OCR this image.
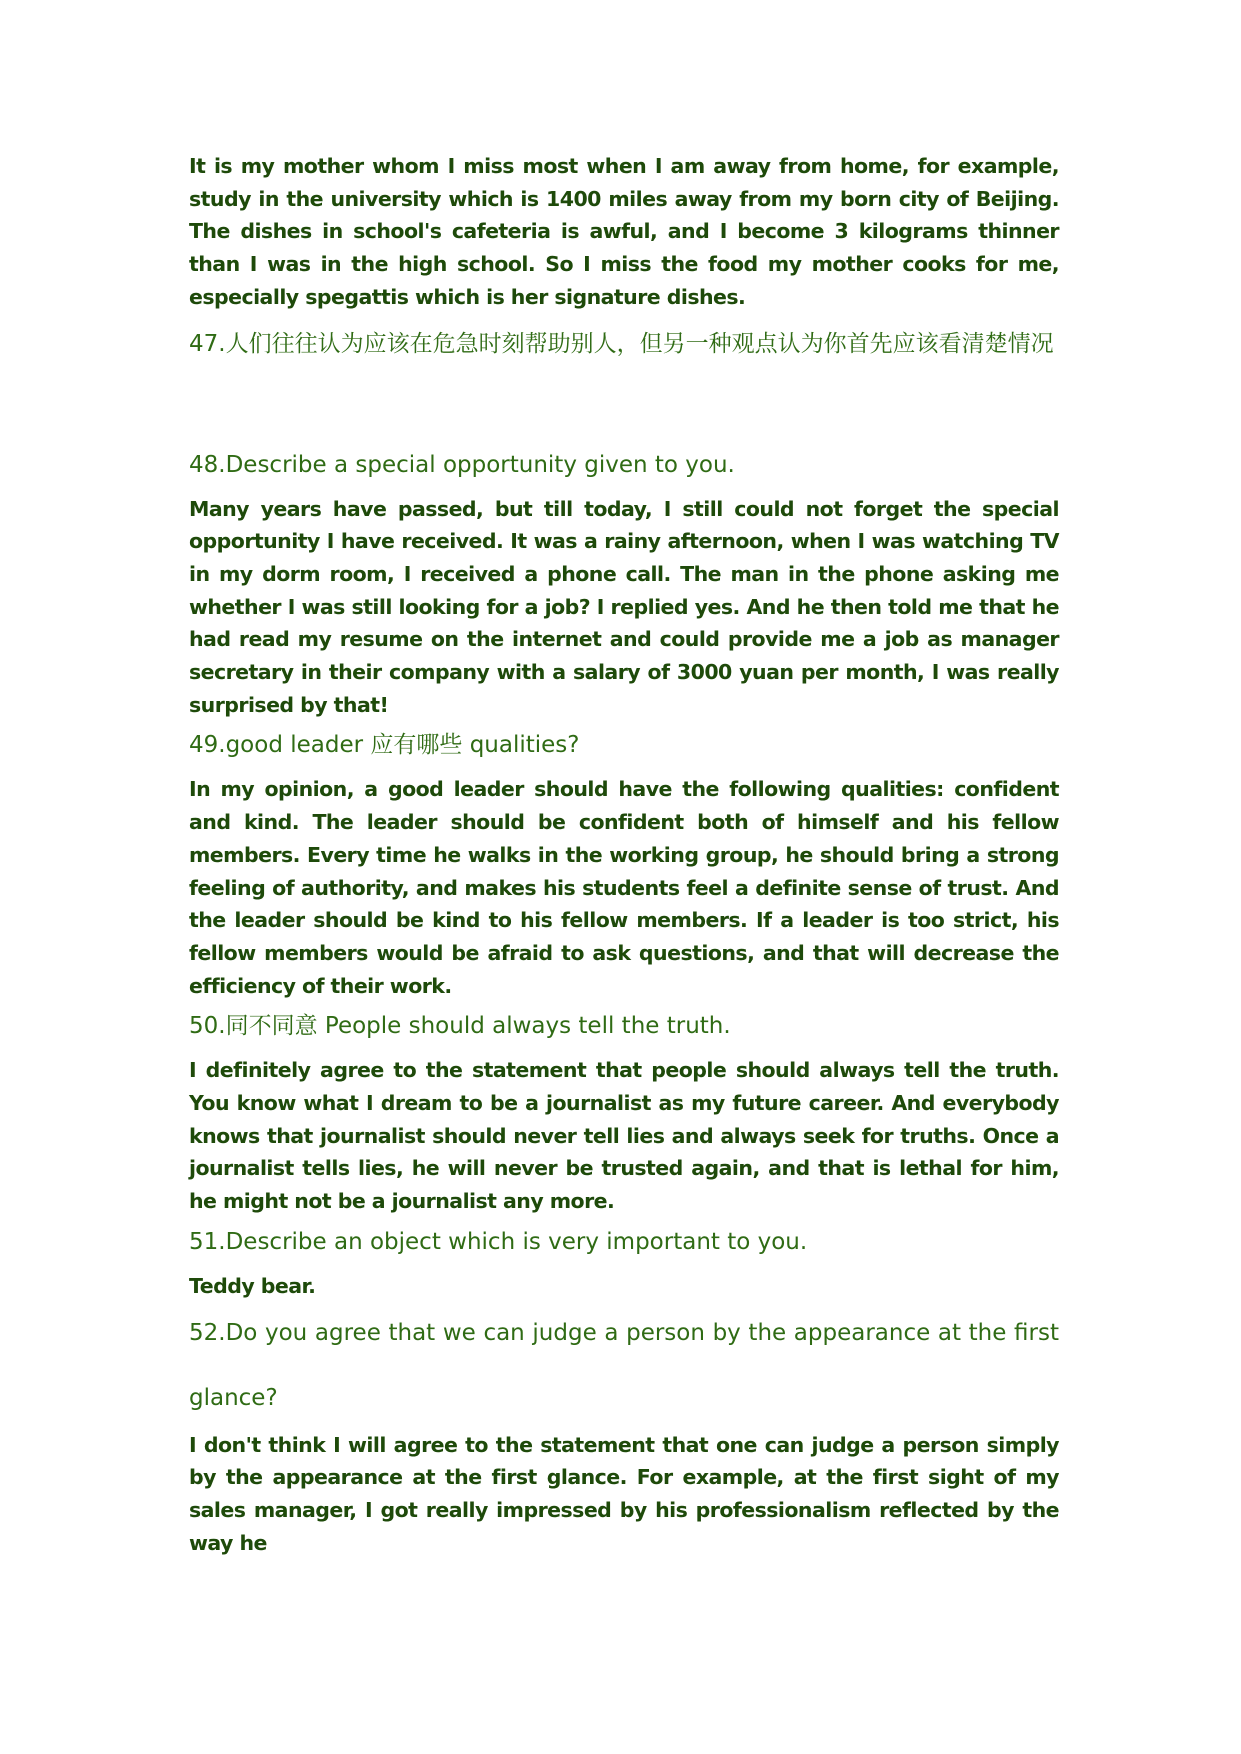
It is my mother whom I miss most when I am away from home, for example, study in the university which is 1400 miles away from my born city of Beijing. The dishes in school's cafeteria is awful, and I become 3 kilograms thinner than I was in the high school. So I miss the food my mother cooks for me, especially spegattis which is her signature dishes.

47.人们往往认为应该在危急时刻帮助别人，但另一种观点认为你首先应该看清楚情况

48.Describe a special opportunity given to you.

Many years have passed, but till today, I still could not forget the special opportunity I have received. It was a rainy afternoon, when I was watching TV in my dorm room, I received a phone call. The man in the phone asking me whether I was still looking for a job? I replied yes. And he then told me that he had read my resume on the internet and could provide me a job as manager secretary in their company with a salary of 3000 yuan per month, I was really surprised by that!

49.good leader 应有哪些 qualities?

In my opinion, a good leader should have the following qualities: confident and kind. The leader should be confident both of himself and his fellow members. Every time he walks in the working group, he should bring a strong feeling of authority, and makes his students feel a definite sense of trust. And the leader should be kind to his fellow members. If a leader is too strict, his fellow members would be afraid to ask questions, and that will decrease the efficiency of their work.

50.同不同意 People should always tell the truth.

I definitely agree to the statement that people should always tell the truth. You know what I dream to be a journalist as my future career. And everybody knows that journalist should never tell lies and always seek for truths. Once a journalist tells lies, he will never be trusted again, and that is lethal for him, he might not be a journalist any more.

51.Describe an object which is very important to you.

Teddy bear.

52.Do you agree that we can judge a person by the appearance at the first glance?

I don't think I will agree to the statement that one can judge a person simply by the appearance at the first glance. For example, at the first sight of my sales manager, I got really impressed by his professionalism reflected by the way he
